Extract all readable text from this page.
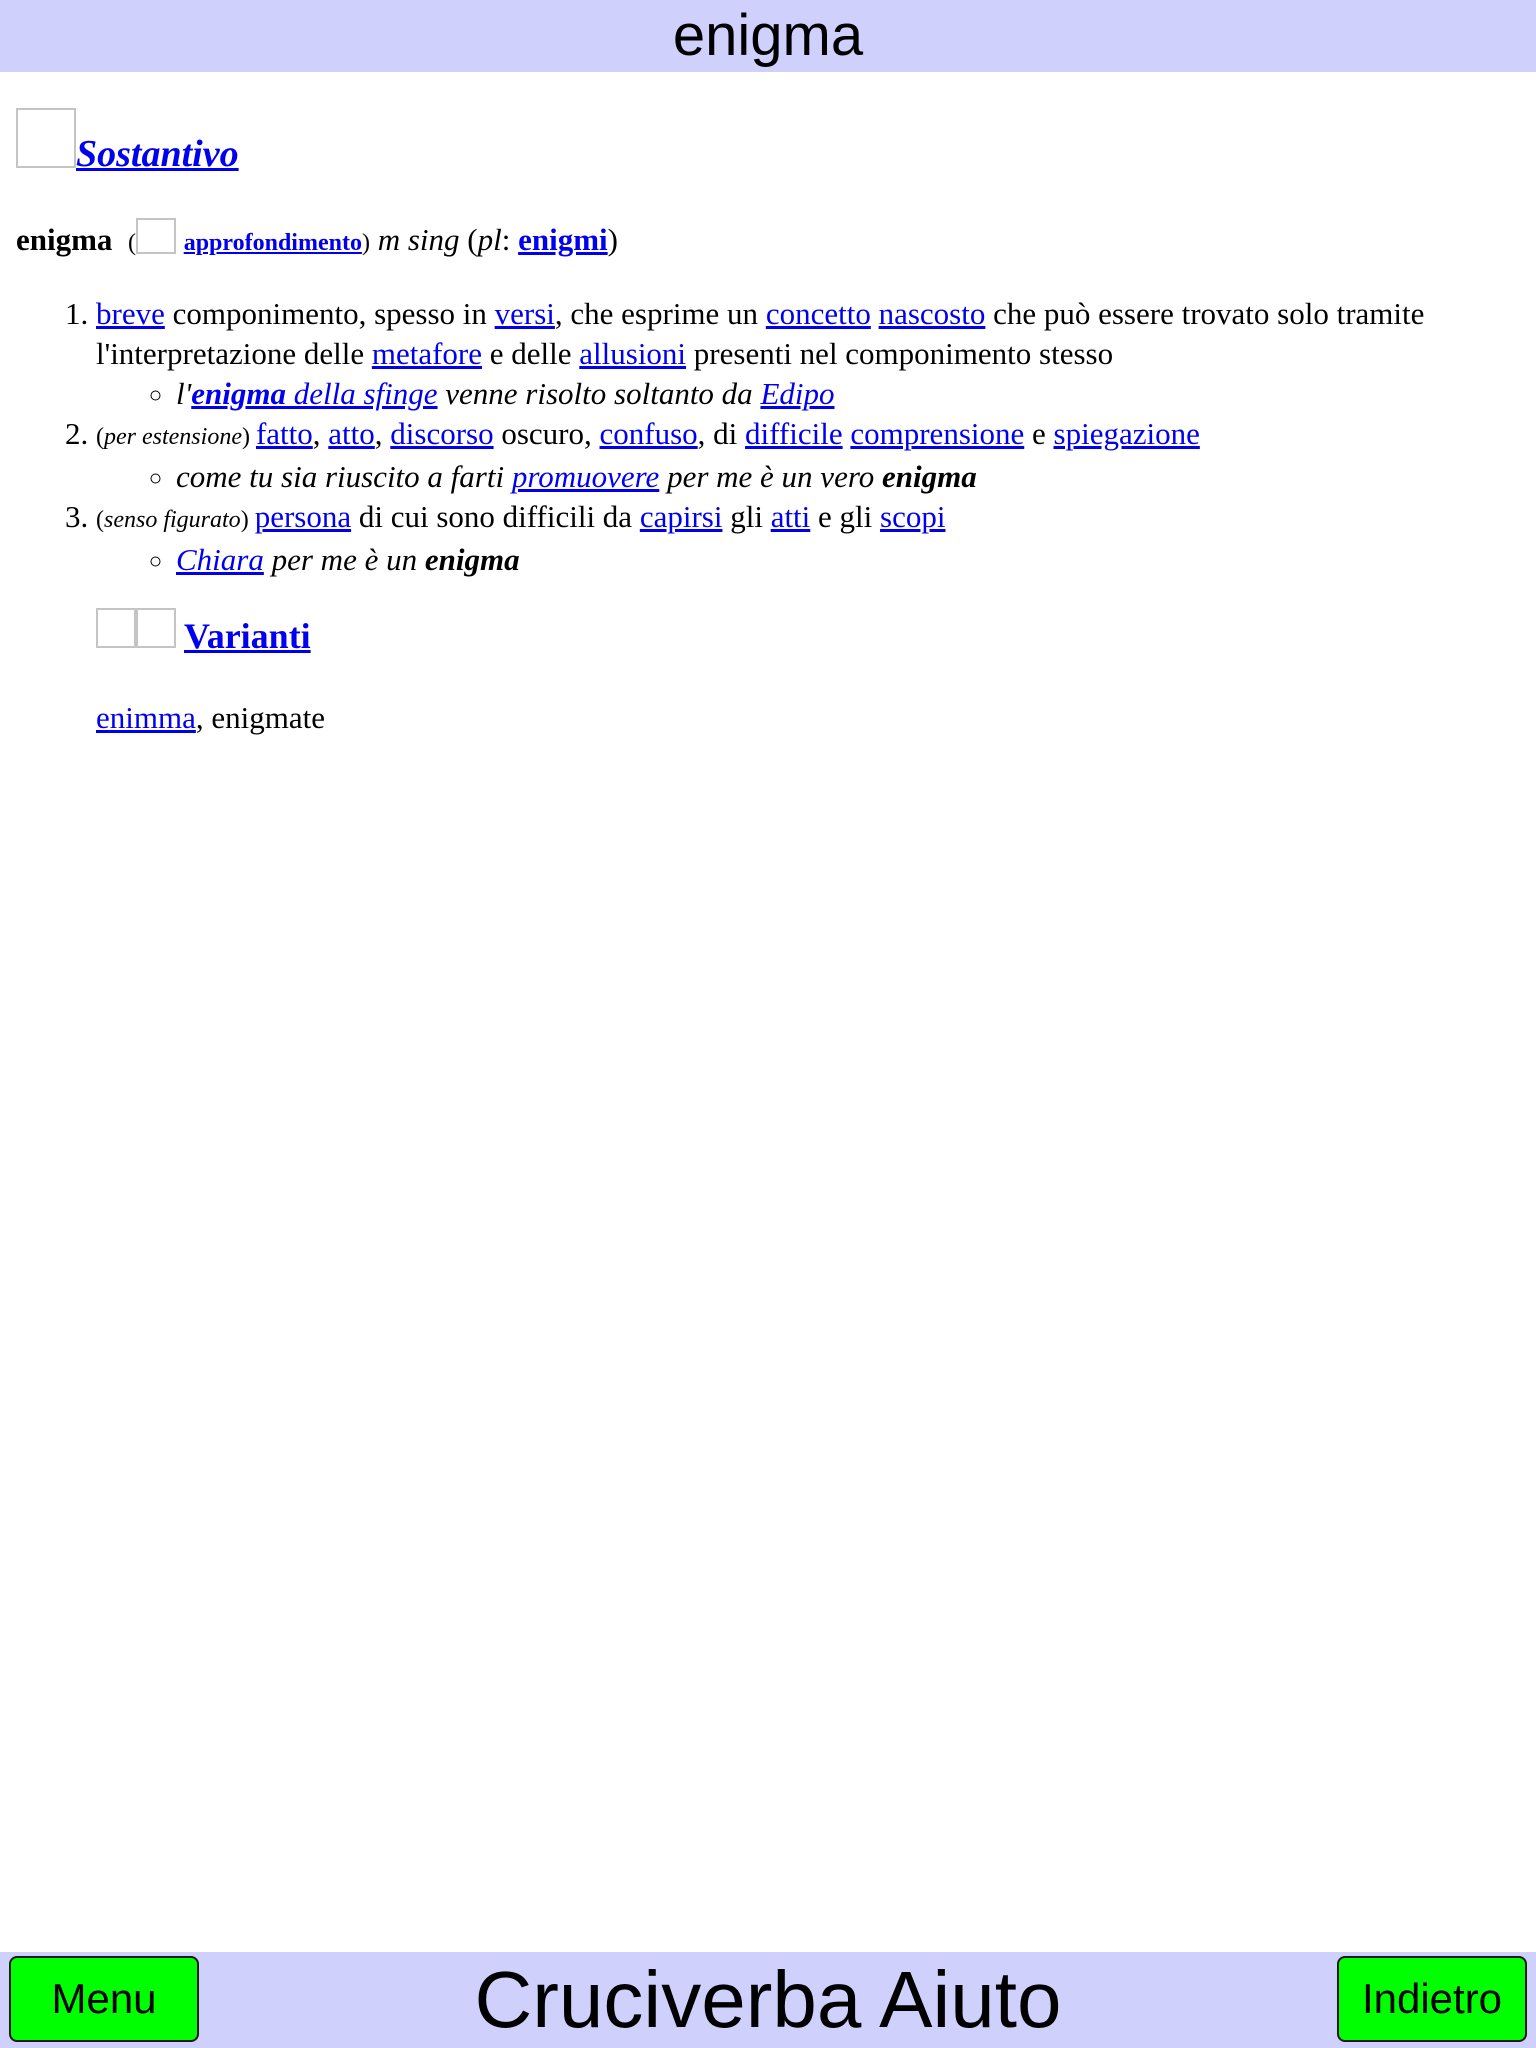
enigma
Sostantivo

enigma ( approfondimento) m sing (pl: enigmi)

1. breve componimento, spesso in versi, che esprime un concetto nascosto che può essere trovato solo tramite l'interpretazione delle metafore e delle allusioni presenti nel componimento stesso
◦ l'enigma della sfinge venne risolto soltanto da Edipo
2. (per estensione) fatto, atto, discorso oscuro, confuso, di difficile comprensione e spiegazione
◦ come tu sia riuscito a farti promuovere per me è un vero enigma
3. (senso figurato) persona di cui sono difficili da capirsi gli atti e gli scopi
◦ Chiara per me è un enigma
Varianti
enimma, enigmate
Cruciverba Aiuto
Menu	Indietro
